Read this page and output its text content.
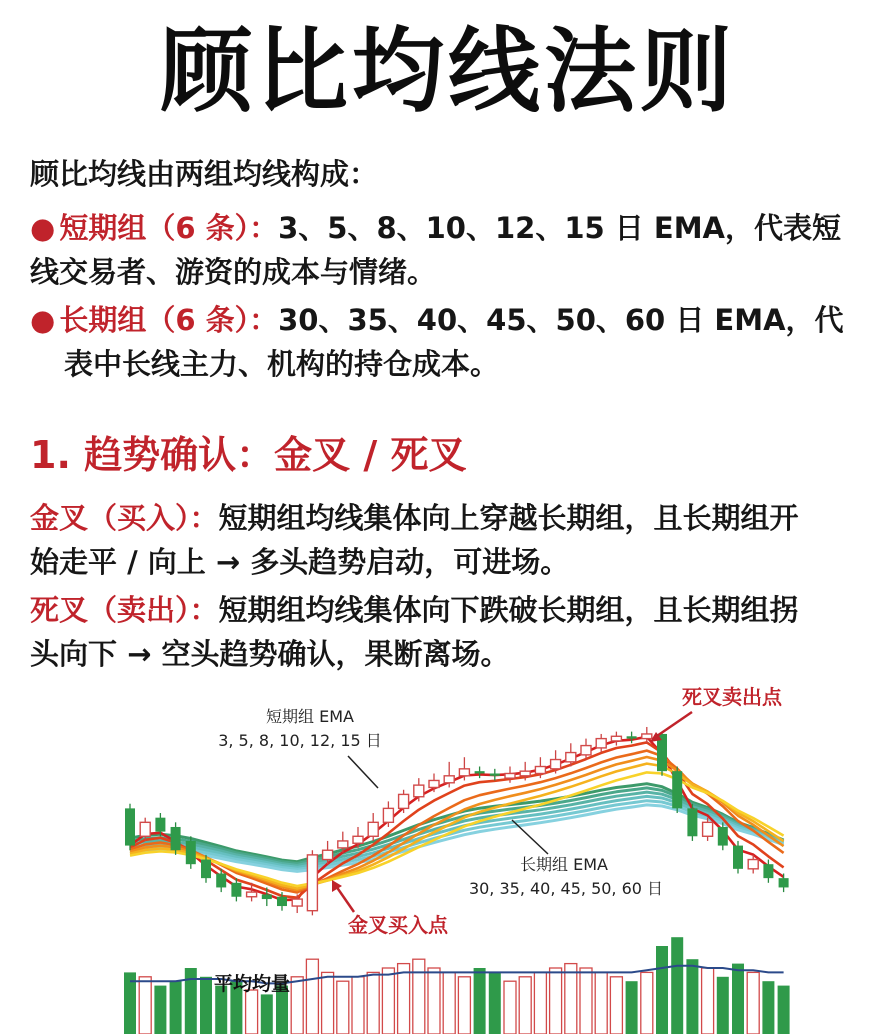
顾比均线法则
顾比均线由两组均线构成：
● 短期组（6 条）：3、5、8、10、12、15 日 EMA，代表短
线交易者、游资的成本与情绪。
● 长期组（6 条）：30、35、40、45、50、60 日 EMA，代
表中长线主力、机构的持仓成本。
1. 趋势确认：金叉 / 死叉
金叉（买入）：短期组均线集体向上穿越长期组，且长期组开
始走平 / 向上 → 多头趋势启动，可进场。
死叉（卖出）：短期组均线集体向下跌破长期组，且长期组拐
头向下 → 空头趋势确认，果断离场。
短期组 EMA
3, 5, 8, 10, 12, 15 日
长期组 EMA
30, 35, 40, 45, 50, 60 日
死叉卖出点
金叉买入点
平均均量
